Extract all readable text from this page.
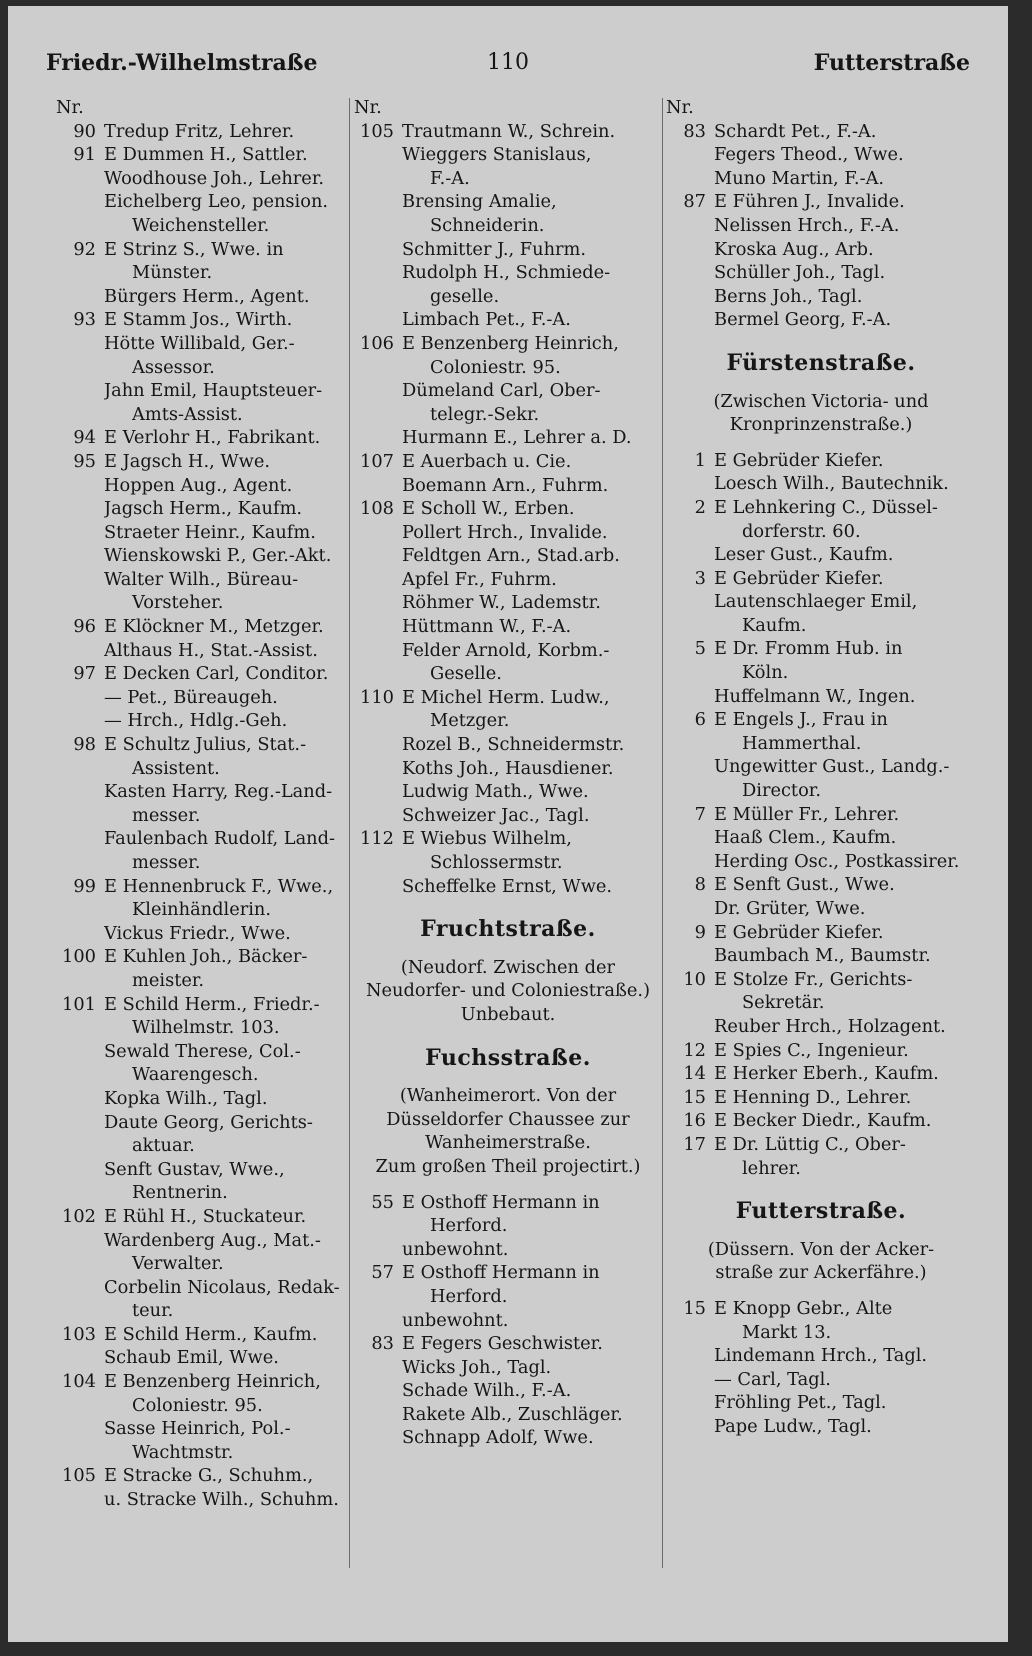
Friedr.-Wilhelmstraße	110	Futterstraße
Nr.
90 Tredup Fritz, Lehrer.
91 E Dummen H., Sattler.
Woodhouse Joh., Lehrer.
Eichelberg Leo, pension.
Weichensteller.
92 E Strinz S., Wwe. in
Münster.
Bürgers Herm., Agent.
93 E Stamm Jos., Wirth.
Hötte Willibald, Ger.-
Assessor.
Jahn Emil, Hauptsteuer-
Amts-Assist.
94 E Verlohr H., Fabrikant.
95 E Jagsch H., Wwe.
Hoppen Aug., Agent.
Jagsch Herm., Kaufm.
Straeter Heinr., Kaufm.
Wienskowski P., Ger.-Akt.
Walter Wilh., Büreau-
Vorsteher.
96 E Klöckner M., Metzger.
Althaus H., Stat.-Assist.
97 E Decken Carl, Conditor.
— Pet., Büreaugeh.
— Hrch., Hdlg.-Geh.
98 E Schultz Julius, Stat.-
Assistent.
Kasten Harry, Reg.-Land-
messer.
Faulenbach Rudolf, Land-
messer.
99 E Hennenbruck F., Wwe.,
Kleinhändlerin.
Vickus Friedr., Wwe.
100 E Kuhlen Joh., Bäcker-
meister.
101 E Schild Herm., Friedr.-
Wilhelmstr. 103.
Sewald Therese, Col.-
Waarengesch.
Kopka Wilh., Tagl.
Daute Georg, Gerichts-
aktuar.
Senft Gustav, Wwe.,
Rentnerin.
102 E Rühl H., Stuckateur.
Wardenberg Aug., Mat.-
Verwalter.
Corbelin Nicolaus, Redak-
teur.
103 E Schild Herm., Kaufm.
Schaub Emil, Wwe.
104 E Benzenberg Heinrich,
Coloniestr. 95.
Sasse Heinrich, Pol.-
Wachtmstr.
105 E Stracke G., Schuhm.,
u. Stracke Wilh., Schuhm.
Nr.
105 Trautmann W., Schrein.
Wieggers Stanislaus,
F.-A.
Brensing Amalie,
Schneiderin.
Schmitter J., Fuhrm.
Rudolph H., Schmiede-
geselle.
Limbach Pet., F.-A.
106 E Benzenberg Heinrich,
Coloniestr. 95.
Dümeland Carl, Ober-
telegr.-Sekr.
Hurmann E., Lehrer a. D.
107 E Auerbach u. Cie.
Boemann Arn., Fuhrm.
108 E Scholl W., Erben.
Pollert Hrch., Invalide.
Feldtgen Arn., Stad.arb.
Apfel Fr., Fuhrm.
Röhmer W., Lademstr.
Hüttmann W., F.-A.
Felder Arnold, Korbm.-
Geselle.
110 E Michel Herm. Ludw.,
Metzger.
Rozel B., Schneidermstr.
Koths Joh., Hausdiener.
Ludwig Math., Wwe.
Schweizer Jac., Tagl.
112 E Wiebus Wilhelm,
Schlossermstr.
Scheffelke Ernst, Wwe.
Fruchtstraße.
(Neudorf. Zwischen der
Neudorfer- und Coloniestraße.)
Unbebaut.
Fuchsstraße.
(Wanheimerort. Von der
Düsseldorfer Chaussee zur
Wanheimerstraße.
Zum großen Theil projectirt.)
55 E Osthoff Hermann in
Herford.
unbewohnt.
57 E Osthoff Hermann in
Herford.
unbewohnt.
83 E Fegers Geschwister.
Wicks Joh., Tagl.
Schade Wilh., F.-A.
Rakete Alb., Zuschläger.
Schnapp Adolf, Wwe.
Nr.
83 Schardt Pet., F.-A.
Fegers Theod., Wwe.
Muno Martin, F.-A.
87 E Führen J., Invalide.
Nelissen Hrch., F.-A.
Kroska Aug., Arb.
Schüller Joh., Tagl.
Berns Joh., Tagl.
Bermel Georg, F.-A.
Fürstenstraße.
(Zwischen Victoria- und
Kronprinzenstraße.)
1 E Gebrüder Kiefer.
Loesch Wilh., Bautechnik.
2 E Lehnkering C., Düssel-
dorferstr. 60.
Leser Gust., Kaufm.
3 E Gebrüder Kiefer.
Lautenschlaeger Emil,
Kaufm.
5 E Dr. Fromm Hub. in
Köln.
Huffelmann W., Ingen.
6 E Engels J., Frau in
Hammerthal.
Ungewitter Gust., Landg.-
Director.
7 E Müller Fr., Lehrer.
Haaß Clem., Kaufm.
Herding Osc., Postkassirer.
8 E Senft Gust., Wwe.
Dr. Grüter, Wwe.
9 E Gebrüder Kiefer.
Baumbach M., Baumstr.
10 E Stolze Fr., Gerichts-
Sekretär.
Reuber Hrch., Holzagent.
12 E Spies C., Ingenieur.
14 E Herker Eberh., Kaufm.
15 E Henning D., Lehrer.
16 E Becker Diedr., Kaufm.
17 E Dr. Lüttig C., Ober-
lehrer.
Futterstraße.
(Düssern. Von der Acker-
straße zur Ackerfähre.)
15 E Knopp Gebr., Alte
Markt 13.
Lindemann Hrch., Tagl.
— Carl, Tagl.
Fröhling Pet., Tagl.
Pape Ludw., Tagl.
